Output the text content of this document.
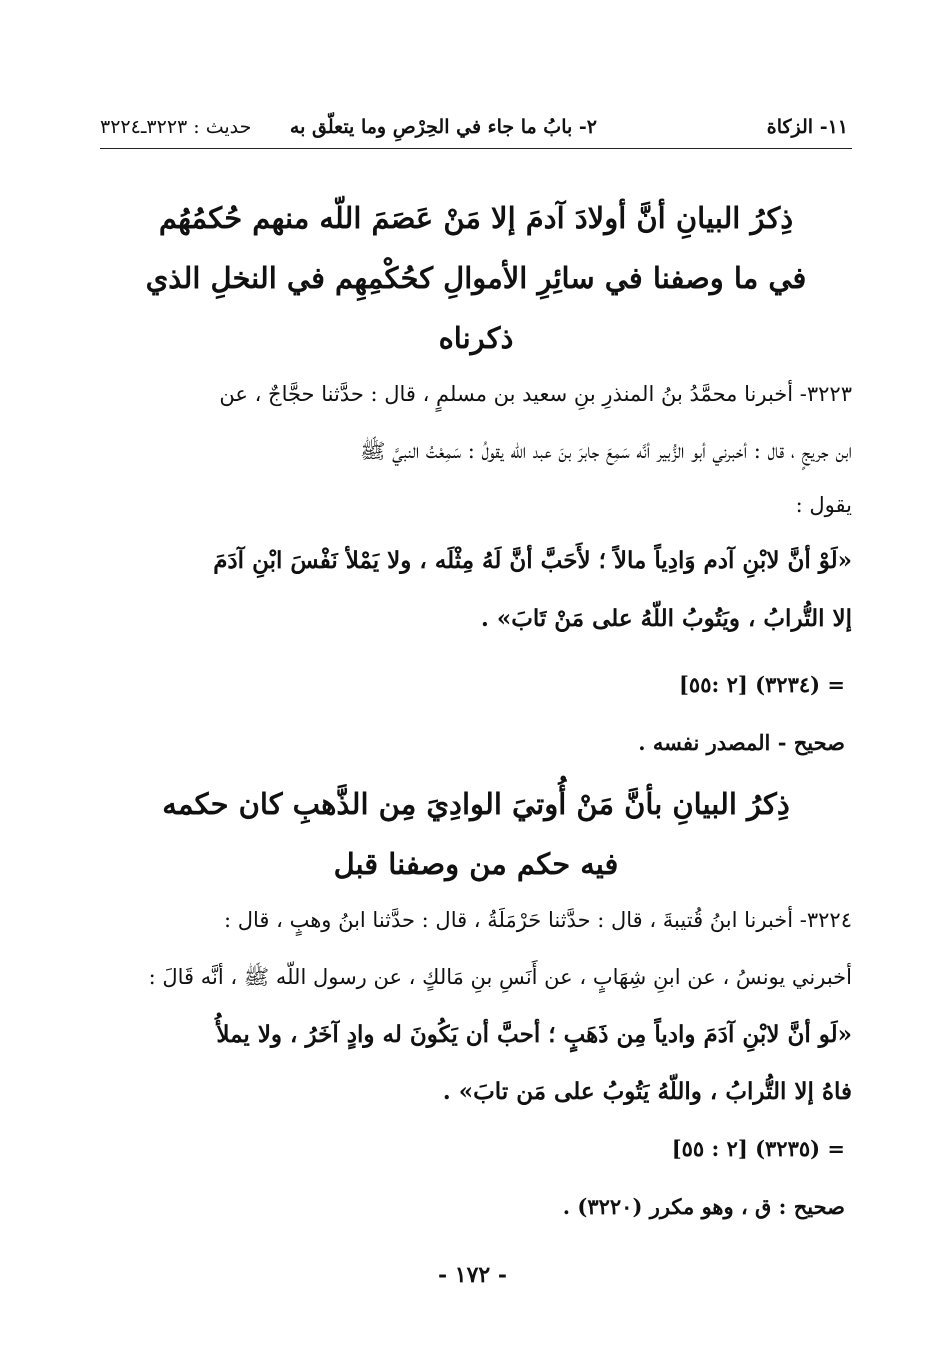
١١- الزكاة
٢- بابُ ما جاء في الحِرْصِ وما يتعلّق به
حديث : ٣٢٢٣ـ٣٢٢٤
ذِكرُ البيانِ أنَّ أولادَ آدمَ إلا مَنْ عَصَمَ اللّه منهم حُكمُهُم
في ما وصفنا في سائِرِ الأموالِ كحُكْمِهِم في النخلِ الذي
ذكرناه
٣٢٢٣- أخبرنا محمَّدُ بنُ المنذرِ بنِ سعيد بن مسلمٍ ، قال : حدَّثنا حجَّاجٌ ، عن
ابن جريجٍ ، قال : أخبرني أبو الزُّبير أنَّه سَمِعَ جابرَ بنَ عبد اللّه يقولُ : سَمِعْتُ النبيَّ ﷺ
يقول :
«لَوْ أنَّ لابْنِ آدم وَادِياً مالاً ؛ لأَحَبَّ أنَّ لَهُ مِثْلَه ، ولا يَمْلأ نَفْسَ ابْنِ آدَمَ
إلا التُّرابُ ، ويَتُوبُ اللّهُ على مَنْ تَابَ» .
= (٣٢٣٤) [٢ :٥٥]
صحيح - المصدر نفسه .
ذِكرُ البيانِ بأنَّ مَنْ أُوتيَ الوادِيَ مِن الذَّهبِ كان حكمه
فيه حكم من وصفنا قبل
٣٢٢٤- أخبرنا ابنُ قُتيبةَ ، قال : حدَّثنا حَرْمَلَةُ ، قال : حدَّثنا ابنُ وهبٍ ، قال :
أخبرني يونسُ ، عن ابنِ شِهَابٍ ، عن أَنَسِ بنِ مَالكٍ ، عن رسول اللّه ﷺ ، أنَّه قَالَ :
«لَو أنَّ لابْنِ آدَمَ وادياً مِن ذَهَبٍ ؛ أحبَّ أن يَكُونَ له وادٍ آخَرُ ، ولا يملأُ
فاهُ إلا التُّرابُ ، واللّهُ يَتُوبُ على مَن تابَ» .
= (٣٢٣٥) [٢ : ٥٥]
صحيح : ق ، وهو مكرر (٣٢٢٠) .
- ١٧٢ -
